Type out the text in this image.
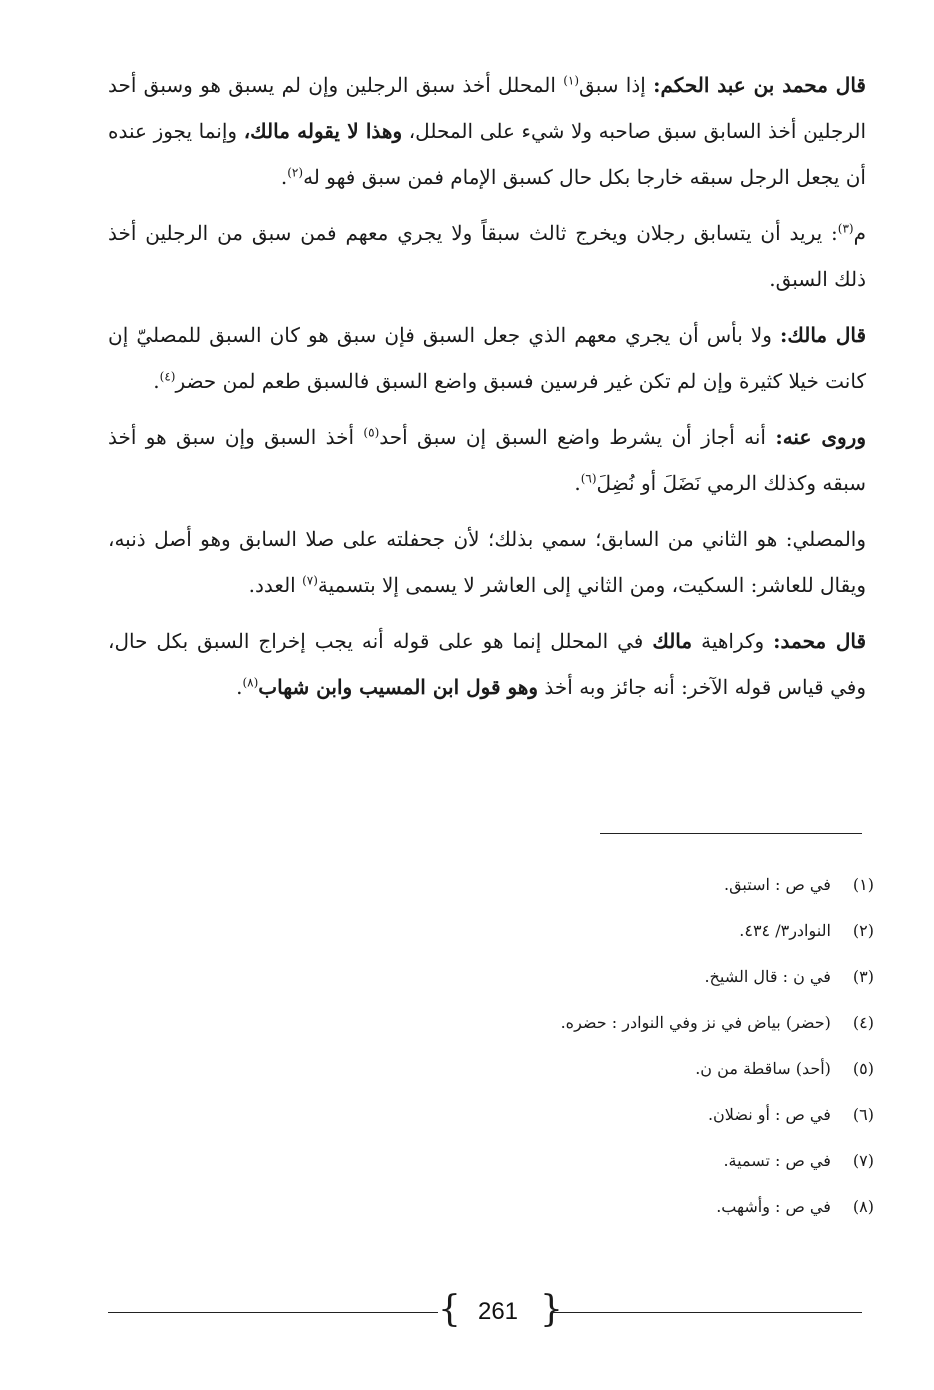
قال محمد بن عبد الحكم: إذا سبق$^{(١)}$ المحلل أخذ سبق الرجلين وإن لم يسبق هو وسبق أحد الرجلين أخذ السابق سبق صاحبه ولا شيء على المحلل، وهذا لا يقوله مالك، وإنما يجوز عنده أن يجعل الرجل سبقه خارجا بكل حال كسبق الإمام فمن سبق فهو له$^{(٢)}$.

م$^{(٣)}$: يريد أن يتسابق رجلان ويخرج ثالث سبقاً ولا يجري معهم فمن سبق من الرجلين أخذ ذلك السبق.

قال مالك: ولا بأس أن يجري معهم الذي جعل السبق فإن سبق هو كان السبق للمصليّ إن كانت خيلا كثيرة وإن لم تكن غير فرسين فسبق واضع السبق فالسبق طعم لمن حضر$^{(٤)}$.

وروى عنه: أنه أجاز أن يشرط واضع السبق إن سبق أحد$^{(٥)}$ أخذ السبق وإن سبق هو أخذ سبقه وكذلك الرمي نَضَلَ أو نُضِلَ$^{(٦)}$.

والمصلي: هو الثاني من السابق؛ سمي بذلك؛ لأن جحفلته على صلا السابق وهو أصل ذنبه، ويقال للعاشر: السكيت، ومن الثاني إلى العاشر لا يسمى إلا بتسمية$^{(٧)}$ العدد.

قال محمد: وكراهية مالك في المحلل إنما هو على قوله أنه يجب إخراج السبق بكل حال، وفي قياس قوله الآخر: أنه جائز وبه أخذ وهو قول ابن المسيب وابن شهاب$^{(٨)}$.

(١) في ص : استبق.
(٢) النوادر٣/ ٤٣٤.
(٣) في ن : قال الشيخ.
(٤) (حضر) بياض في نز وفي النوادر : حضره.
(٥) (أحد) ساقطة من ن.
(٦) في ص : أو نضلان.
(٧) في ص : تسمية.
(٨) في ص : وأشهب.
{ 261 }
